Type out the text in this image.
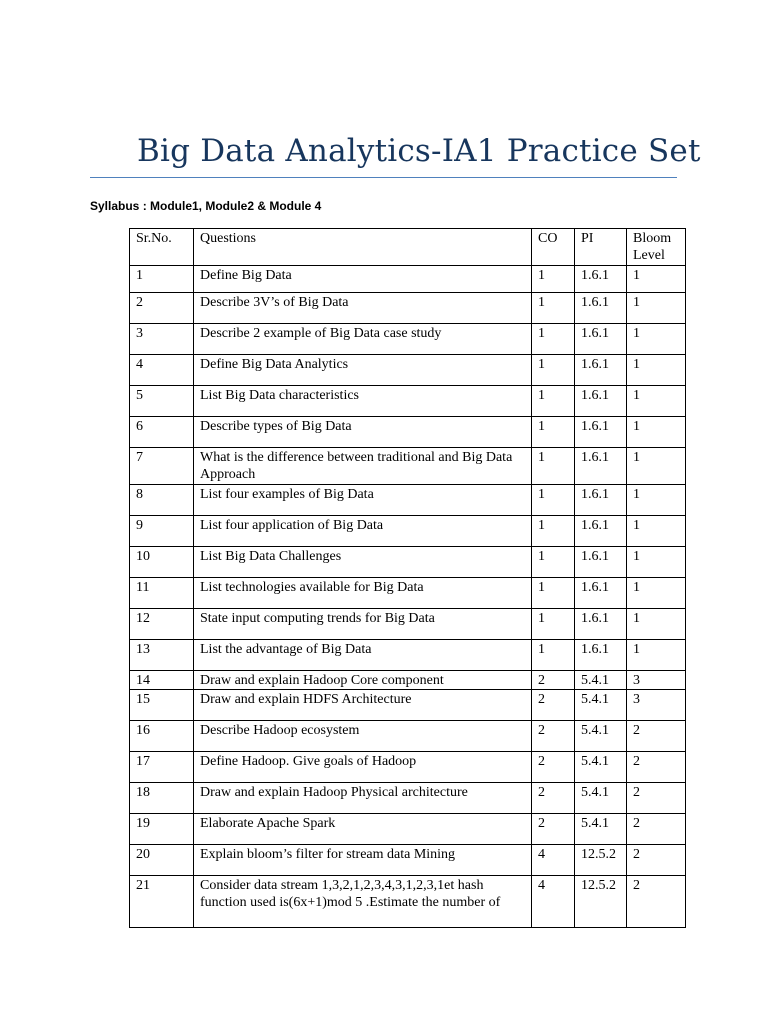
Big Data Analytics-IA1 Practice Set
Syllabus : Module1, Module2 & Module 4
Sr.No.	Questions	CO	PI	Bloom Level
1	Define Big Data	1	1.6.1	1
2	Describe 3V’s of Big Data	1	1.6.1	1
3	Describe 2 example of Big Data case study	1	1.6.1	1
4	Define Big Data Analytics	1	1.6.1	1
5	List Big Data characteristics	1	1.6.1	1
6	Describe types of Big Data	1	1.6.1	1
7	What is the difference between traditional and Big Data Approach	1	1.6.1	1
8	List four examples of Big Data	1	1.6.1	1
9	List four application of Big Data	1	1.6.1	1
10	List Big Data Challenges	1	1.6.1	1
11	List technologies available for Big Data	1	1.6.1	1
12	State input computing trends for Big Data	1	1.6.1	1
13	List the advantage of Big Data	1	1.6.1	1
14	Draw and explain Hadoop Core component	2	5.4.1	3
15	Draw and explain HDFS Architecture	2	5.4.1	3
16	Describe Hadoop ecosystem	2	5.4.1	2
17	Define Hadoop. Give goals of Hadoop	2	5.4.1	2
18	Draw and explain Hadoop Physical architecture	2	5.4.1	2
19	Elaborate Apache Spark	2	5.4.1	2
20	Explain bloom’s filter for stream data Mining	4	12.5.2	2
21	Consider data stream 1,3,2,1,2,3,4,3,1,2,3,1et hash function used is(6x+1)mod 5 .Estimate the number of	4	12.5.2	2
